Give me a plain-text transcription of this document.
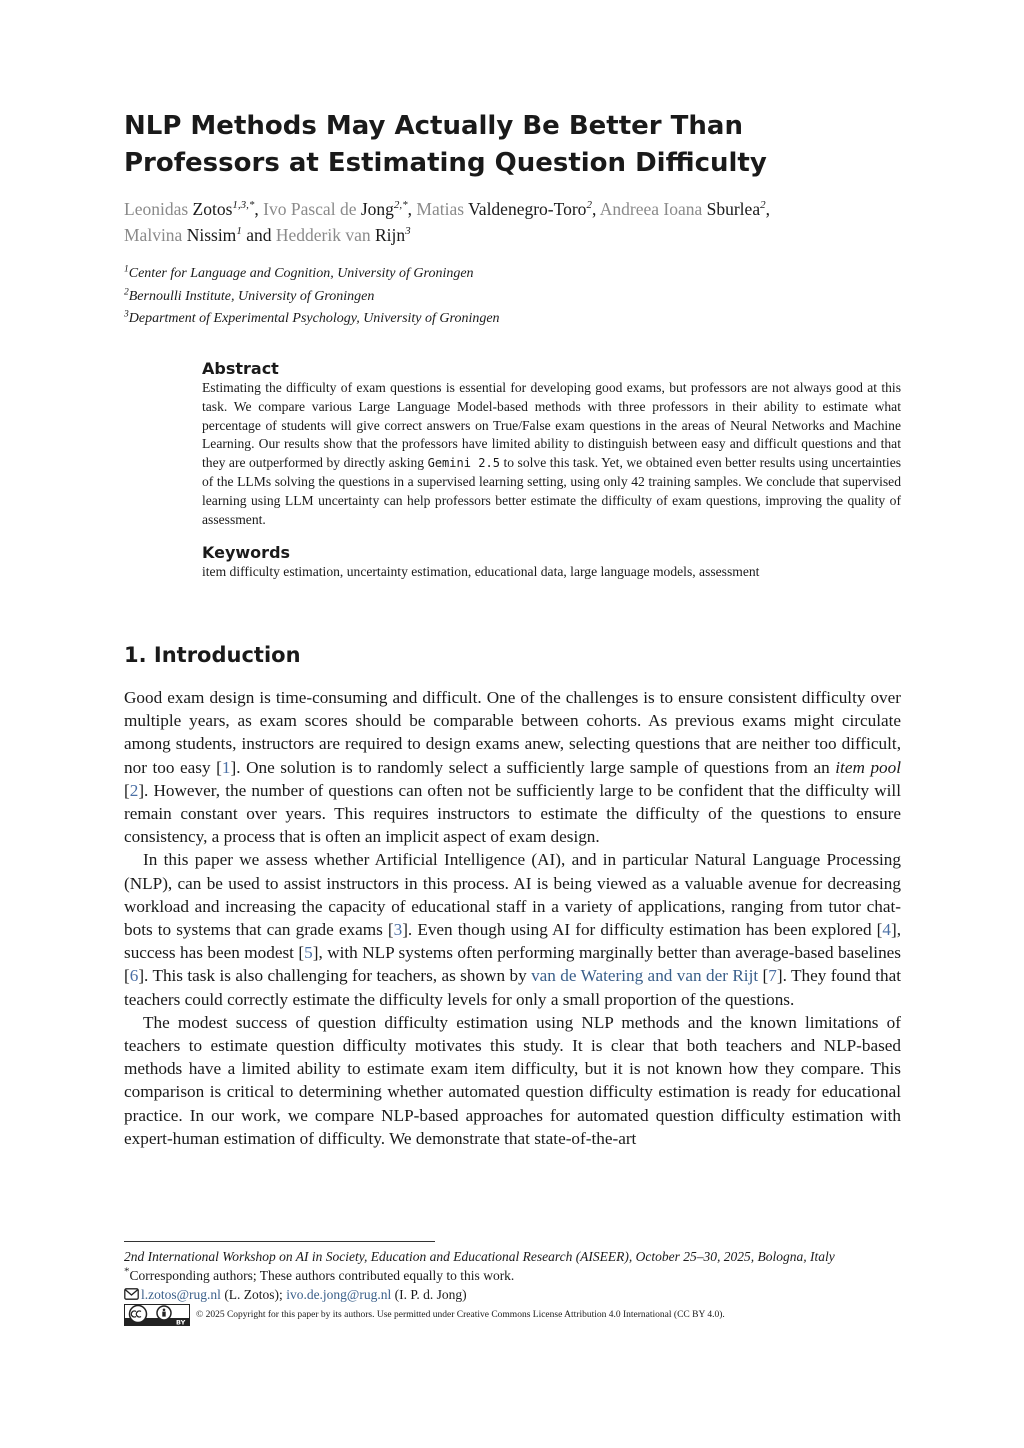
NLP Methods May Actually Be Better Than Professors at Estimating Question Difficulty
Leonidas Zotos$^{1,3,*}$, Ivo Pascal de Jong$^{2,*}$, Matias Valdenegro-Toro$^2$, Andreea Ioana Sburlea$^2$,
Malvina Nissim$^1$ and Hedderik van Rijn$^3$
$^1$Center for Language and Cognition, University of Groningen
$^2$Bernoulli Institute, University of Groningen
$^3$Department of Experimental Psychology, University of Groningen
Abstract

Estimating the difficulty of exam questions is essential for developing good exams, but professors are not always good at this task. We compare various Large Language Model-based methods with three professors in their ability to estimate what percentage of students will give correct answers on True/False exam questions in the areas of Neural Networks and Machine Learning. Our results show that the professors have limited ability to distinguish between easy and difficult questions and that they are outperformed by directly asking Gemini 2.5 to solve this task. Yet, we obtained even better results using uncertainties of the LLMs solving the questions in a supervised learning setting, using only 42 training samples. We conclude that supervised learning using LLM uncertainty can help professors better estimate the difficulty of exam questions, improving the quality of assessment.

Keywords

item difficulty estimation, uncertainty estimation, educational data, large language models, assessment

1. Introduction

Good exam design is time-consuming and difficult. One of the challenges is to ensure consistent difficulty over multiple years, as exam scores should be comparable between cohorts. As previous exams might circulate among students, instructors are required to design exams anew, selecting questions that are neither too difficult, nor too easy [1]. One solution is to randomly select a sufficiently large sample of questions from an item pool [2]. However, the number of questions can often not be sufficiently large to be confident that the difficulty will remain constant over years. This requires instructors to estimate the difficulty of the questions to ensure consistency, a process that is often an implicit aspect of exam design.

In this paper we assess whether Artificial Intelligence (AI), and in particular Natural Language Processing (NLP), can be used to assist instructors in this process. AI is being viewed as a valuable avenue for decreasing workload and increasing the capacity of educational staff in a variety of applications, ranging from tutor chat-bots to systems that can grade exams [3]. Even though using AI for difficulty estimation has been explored [4], success has been modest [5], with NLP systems often performing marginally better than average-based baselines [6]. This task is also challenging for teachers, as shown by van de Watering and van der Rijt [7]. They found that teachers could correctly estimate the difficulty levels for only a small proportion of the questions.

The modest success of question difficulty estimation using NLP methods and the known limitations of teachers to estimate question difficulty motivates this study. It is clear that both teachers and NLP-based methods have a limited ability to estimate exam item difficulty, but it is not known how they compare. This comparison is critical to determining whether automated question difficulty estimation is ready for educational practice. In our work, we compare NLP-based approaches for automated question difficulty estimation with expert-human estimation of difficulty. We demonstrate that state-of-the-art

2nd International Workshop on AI in Society, Education and Educational Research (AISEER), October 25–30, 2025, Bologna, Italy
*Corresponding authors; These authors contributed equally to this work.
l.zotos@rug.nl (L. Zotos); ivo.de.jong@rug.nl (I. P. d. Jong)
BY
© 2025 Copyright for this paper by its authors. Use permitted under Creative Commons License Attribution 4.0 International (CC BY 4.0).
